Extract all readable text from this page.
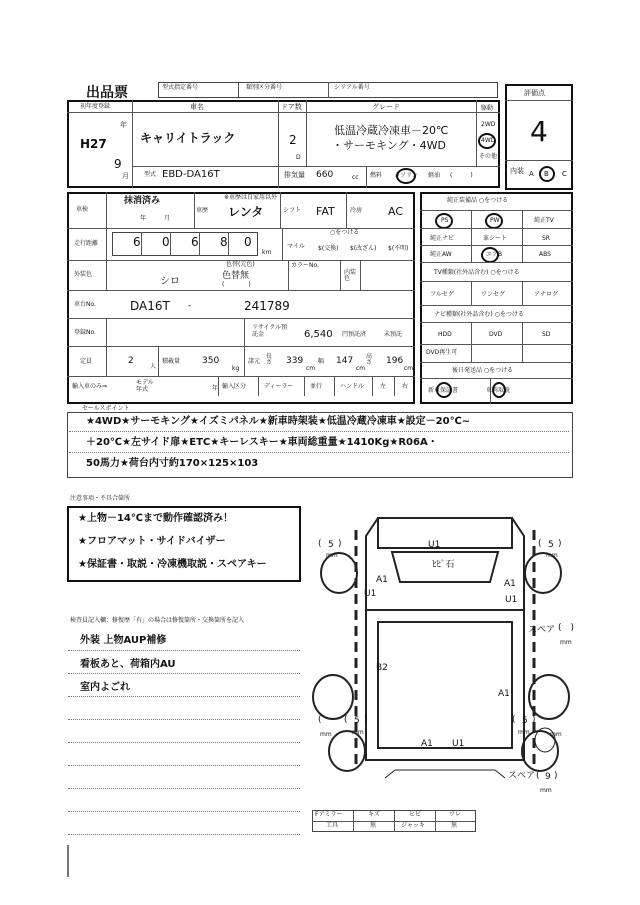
出品票	型式指定番号	類別区分番号	シリアル番号
評価点
4
内装 A B C
初年度登録
H27
年
9
月
車名
キャリイトラック
ドア数
2
D
グレード
低温冷蔵冷凍車－20℃
・サーモキング・4WD
駆動
2WD
4WD
その他
型式 EBD-DA16T	排気量 660	cc 燃料 ガソリン 軽油 (　　　)
車検
抹消済み
年　　　月
※車歴は自家用以外
車歴 レンタ	シフト FAT	冷房 AC
走行距離	6 0 6 8 0
km
○をつける
マイル $(交換) $(改ざん) $(不明)
外装色
シロ
色替(元色)
色替無
(　　　　)
カラーNo.
内装色
車台No.	DA16T -	241789
登録No.
リサイクル預託金	6,540 円預託済	未預託
定員	2
人
積載量 350
kg
諸元
長さ 339
cm
幅 147
cm
高さ 196
cm
輸入車のみ⇒
モデル年式	年 輸入区分	ディーラー	並行	ハンドル	左	右
純正装備品 ○をつける
PS	PW	純正TV
純正ナビ	革シート	SR
純正AW	エアB	ABS
TV種類(社外品含む) ○をつける
フルセグ	ワンセグ	アナログ
ナビ種類(社外品含む) ○をつける
HDD	DVD	SD
DVD再生可
後日発送品 ○をつける
新車保証書	車両取説
セールスポイント
★4WD★サーモキング★イズミパネル★新車時架装★低温冷蔵冷凍車★設定－20℃~
＋20℃★左サイド扉★ETC★キーレスキー★車両総重量★1410Kg★R06A・
50馬力★荷台内寸約170×125×103
注意事項・不具合箇所
★上物－14℃まで動作確認済み！
★フロアマット・サイドバイザー
★保証書・取説・冷凍機取説・スペアキー
検査員記入欄：修復歴「有」の場合は修復箇所・交換箇所を記入
外装 上物AUP補修
看板あと、荷箱内AU
室内よごれ
U1
ﾋﾋﾞ石
A1
U1
A1
U1
B2
A1
A1 U1
( 5 )
mm
( 5 )
mm
(
mm
( 5 )
mm
( 5 )
mm	mm
スペア (　)
mm
スペア ( 9 )
mm
Fアミラー	キズ	ヒビ	ワレ
工具	無	ジャッキ	無
